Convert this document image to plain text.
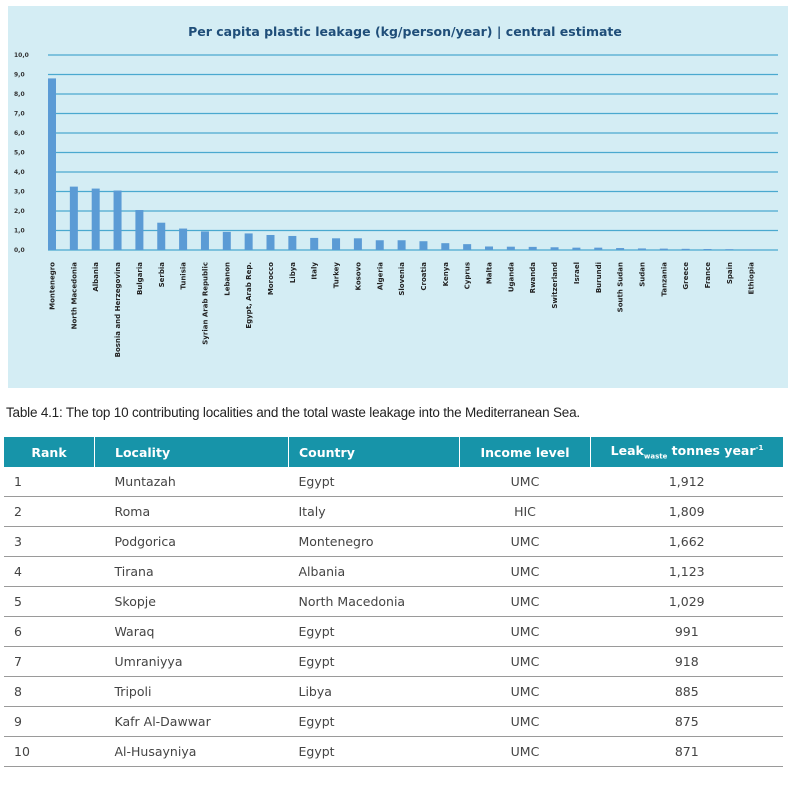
Per capita plastic leakage (kg/person/year) | central estimate
0,0
1,0
2,0
3,0
4,0
5,0
6,0
7,0
8,0
9,0
10,0
Montenegro North Macedonia Albania Bosnia and Herzegovina Bulgaria Serbia Tunisia Syrian Arab Republic Lebanon Egypt, Arab Rep. Morocco Libya Italy Turkey Kosovo Algeria Slovenia Croatia Kenya Cyprus Malta Uganda Rwanda Switzerland Israel Burundi South Sudan Sudan Tanzania Greece France Spain Ethiopia
Table 4.1: The top 10 contributing localities and the total waste leakage into the Mediterranean Sea.
Rank	Locality	Country	Income level	Leak$_{waste}$ tonnes year$^{-1}$
1	Muntazah	Egypt	UMC	1,912
2	Roma	Italy	HIC	1,809
3	Podgorica	Montenegro	UMC	1,662
4	Tirana	Albania	UMC	1,123
5	Skopje	North Macedonia	UMC	1,029
6	Waraq	Egypt	UMC	991
7	Umraniyya	Egypt	UMC	918
8	Tripoli	Libya	UMC	885
9	Kafr Al-Dawwar	Egypt	UMC	875
10	Al-Husayniya	Egypt	UMC	871
